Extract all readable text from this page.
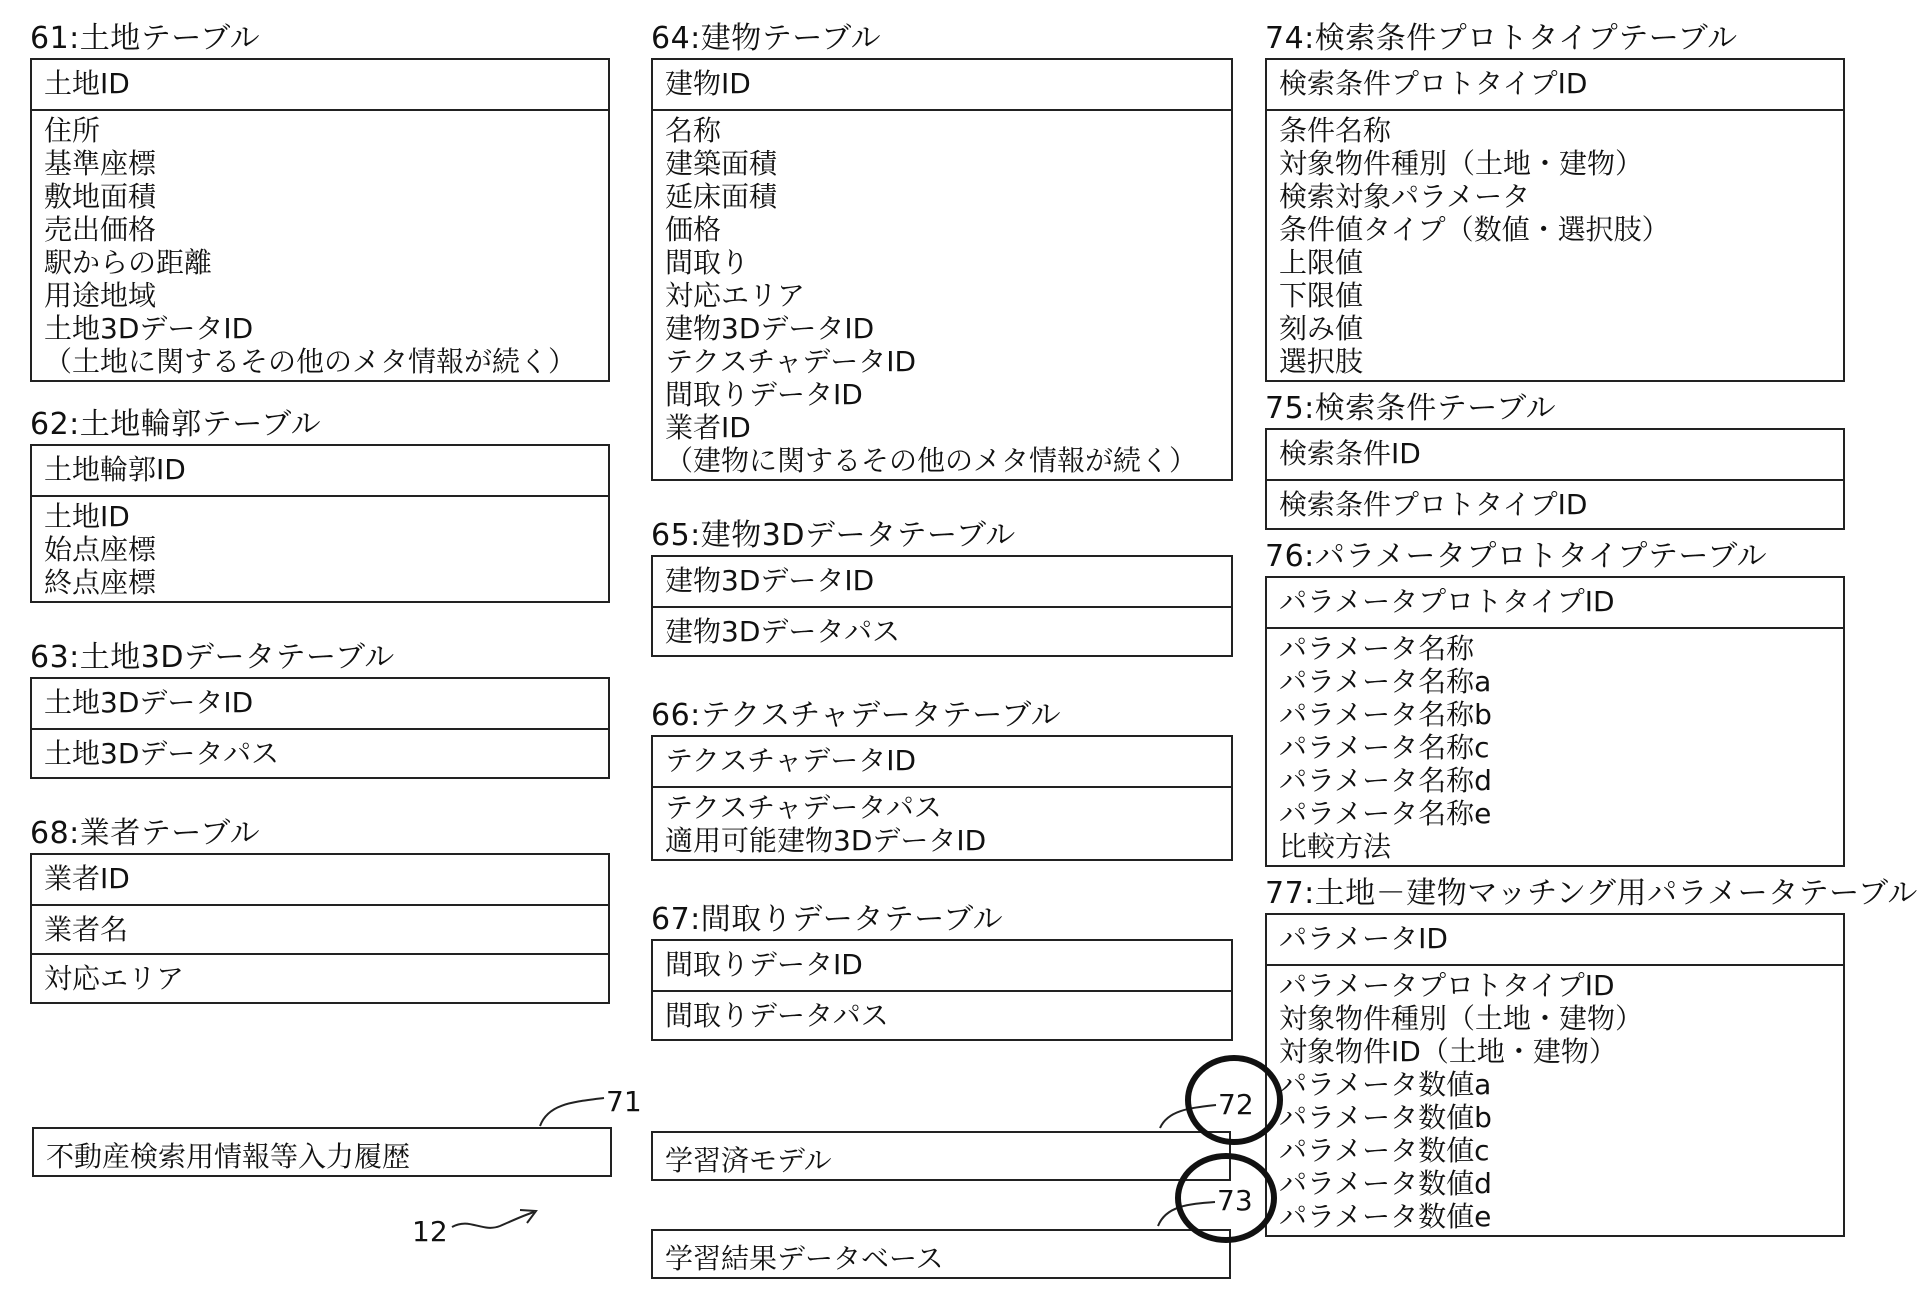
61:土地テーブル
土地ID
住所
基準座標
敷地面積
売出価格
駅からの距離
用途地域
土地3DデータID
（土地に関するその他のメタ情報が続く）
62:土地輪郭テーブル
土地輪郭ID
土地ID
始点座標
終点座標
63:土地3Dデータテーブル
土地3DデータID
土地3Dデータパス
68:業者テーブル
業者ID
業者名
対応エリア
不動産検索用情報等入力履歴
71
12
64:建物テーブル
建物ID
名称
建築面積
延床面積
価格
間取り
対応エリア
建物3DデータID
テクスチャデータID
間取りデータID
業者ID
（建物に関するその他のメタ情報が続く）
65:建物3Dデータテーブル
建物3DデータID
建物3Dデータパス
66:テクスチャデータテーブル
テクスチャデータID
テクスチャデータパス
適用可能建物3DデータID
67:間取りデータテーブル
間取りデータID
間取りデータパス
学習済モデル
72
学習結果データベース
73
74:検索条件プロトタイプテーブル
検索条件プロトタイプID
条件名称
対象物件種別（土地・建物）
検索対象パラメータ
条件値タイプ（数値・選択肢）
上限値
下限値
刻み値
選択肢
75:検索条件テーブル
検索条件ID
検索条件プロトタイプID
76:パラメータプロトタイプテーブル
パラメータプロトタイプID
パラメータ名称
パラメータ名称a
パラメータ名称b
パラメータ名称c
パラメータ名称d
パラメータ名称e
比較方法
77:土地－建物マッチング用パラメータテーブル
パラメータID
パラメータプロトタイプID
対象物件種別（土地・建物）
対象物件ID（土地・建物）
パラメータ数値a
パラメータ数値b
パラメータ数値c
パラメータ数値d
パラメータ数値e
